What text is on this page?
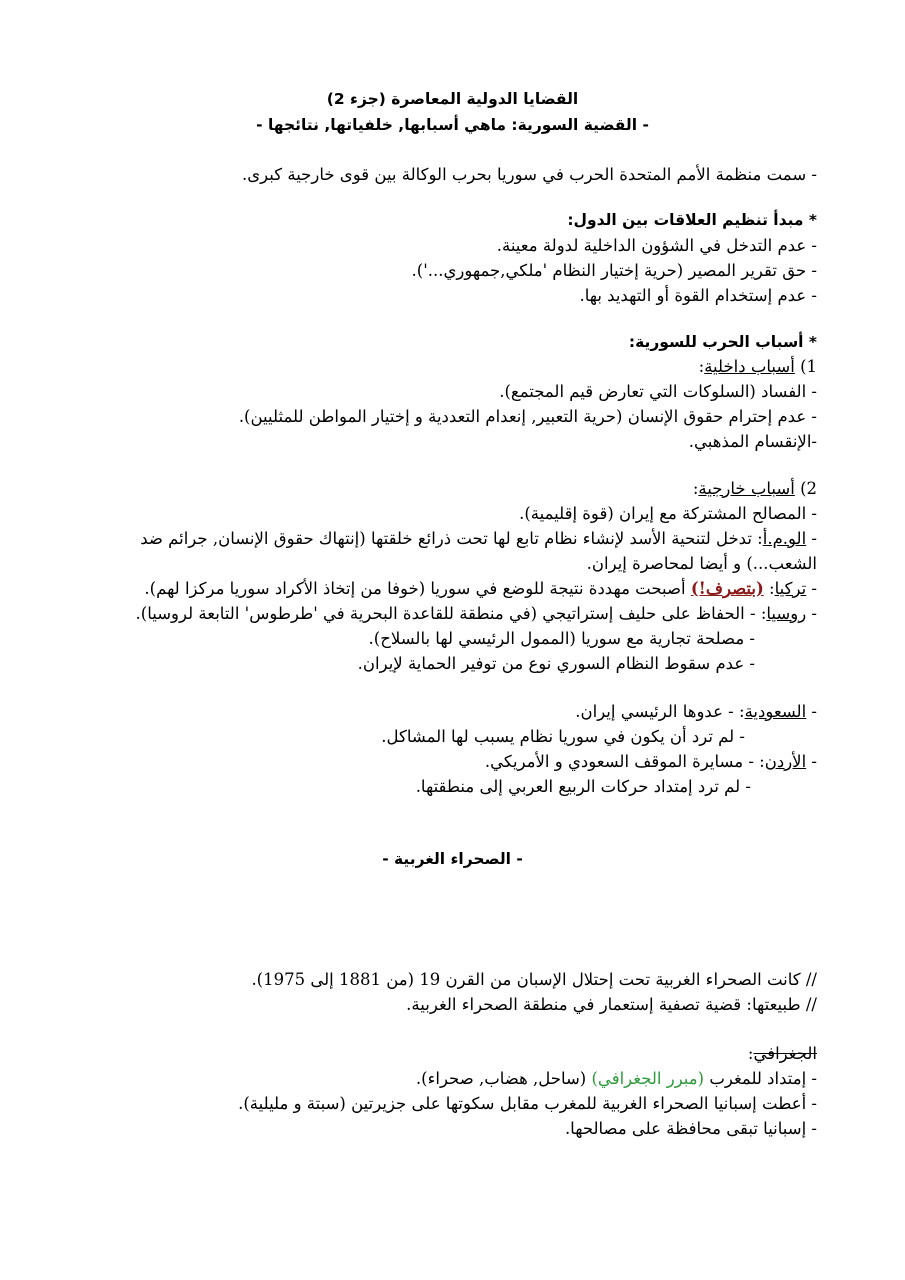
القضايا الدولية المعاصرة (جزء 2)
- القضية السورية: ماهي أسبابها, خلفياتها, نتائجها -
- سمت منظمة الأمم المتحدة الحرب في سوريا بحرب الوكالة بين قوى خارجية كبرى.
* مبدأ تنظيم العلاقات بين الدول:
- عدم التدخل في الشؤون الداخلية لدولة معينة.
- حق تقرير المصير (حرية إختيار النظام 'ملكي,جمهوري...').
- عدم إستخدام القوة أو التهديد بها.
* أسباب الحرب للسورية:
1) أسباب داخلية:
- الفساد (السلوكات التي تعارض قيم المجتمع).
- عدم إحترام حقوق الإنسان (حرية التعبير, إنعدام التعددية و إختيار المواطن للمثليين).
-الإنقسام المذهبي.
2) أسباب خارجية:
- المصالح المشتركة مع إيران (قوة إقليمية).
- الو.م.أ: تدخل لتنحية الأسد لإنشاء نظام تابع لها تحت ذرائع خلقتها (إنتهاك حقوق الإنسان, جرائم ضد
الشعب...) و أيضا لمحاصرة إيران.
- تركيا: (بتصرف!) أصبحت مهددة نتيجة للوضع في سوريا (خوفا من إتخاذ الأكراد سوريا مركزا لهم).
- روسيا: - الحفاظ على حليف إستراتيجي (في منطقة للقاعدة البحرية في 'طرطوس' التابعة لروسيا).
- مصلحة تجارية مع سوريا (الممول الرئيسي لها بالسلاح).
- عدم سقوط النظام السوري نوع من توفير الحماية لإيران.
- السعودية: - عدوها الرئيسي إيران.
- لم ترد أن يكون في سوريا نظام يسبب لها المشاكل.
- الأردن: - مسايرة الموقف السعودي و الأمريكي.
- لم ترد إمتداد حركات الربيع العربي إلى منطقتها.
- الصحراء الغربية -
// كانت الصحراء الغربية تحت إحتلال الإسبان من القرن 19 (من 1881 إلى 1975).
// طبيعتها: قضية تصفية إستعمار في منطقة الصحراء الغربية.
الجغرافي:
- إمتداد للمغرب (مبرر الجغرافي) (ساحل, هضاب, صحراء).
- أعطت إسبانيا الصحراء الغربية للمغرب مقابل سكوتها على جزيرتين (سبتة و مليلية).
- إسبانيا تبقى محافظة على مصالحها.
